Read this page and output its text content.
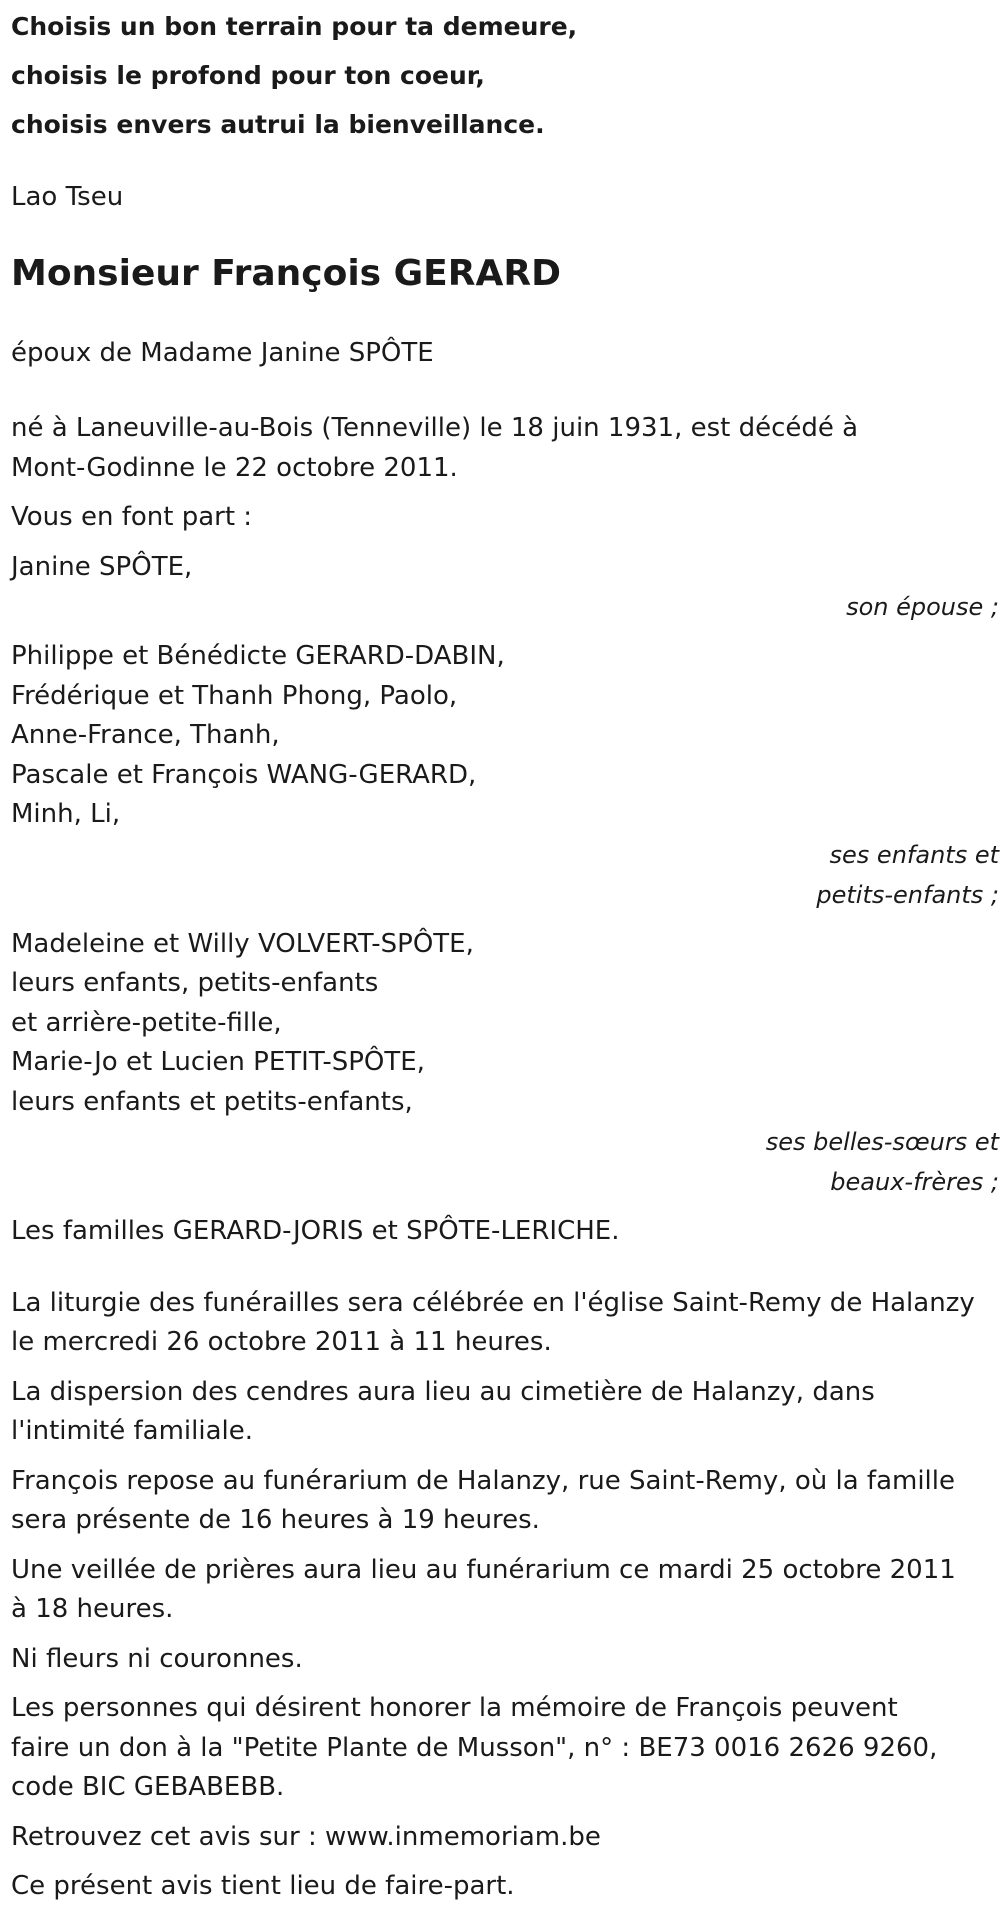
Choisis un bon terrain pour ta demeure,
choisis le profond pour ton coeur,
choisis envers autrui la bienveillance.
Lao Tseu
Monsieur François GERARD
époux de Madame Janine SPÔTE
né à Laneuville-au-Bois (Tenneville) le 18 juin 1931, est décédé à
Mont-Godinne le 22 octobre 2011.
Vous en font part :
Janine SPÔTE,
son épouse ;
Philippe et Bénédicte GERARD-DABIN,
Frédérique et Thanh Phong, Paolo,
Anne-France, Thanh,
Pascale et François WANG-GERARD,
Minh, Li,
ses enfants et
petits-enfants ;
Madeleine et Willy VOLVERT-SPÔTE,
leurs enfants, petits-enfants
et arrière-petite-fille,
Marie-Jo et Lucien PETIT-SPÔTE,
leurs enfants et petits-enfants,
ses belles-sœurs et
beaux-frères ;
Les familles GERARD-JORIS et SPÔTE-LERICHE.
La liturgie des funérailles sera célébrée en l'église Saint-Remy de Halanzy
le mercredi 26 octobre 2011 à 11 heures.
La dispersion des cendres aura lieu au cimetière de Halanzy, dans
l'intimité familiale.
François repose au funérarium de Halanzy, rue Saint-Remy, où la famille
sera présente de 16 heures à 19 heures.
Une veillée de prières aura lieu au funérarium ce mardi 25 octobre 2011
à 18 heures.
Ni fleurs ni couronnes.
Les personnes qui désirent honorer la mémoire de François peuvent
faire un don à la "Petite Plante de Musson", n° : BE73 0016 2626 9260,
code BIC GEBABEBB.
Retrouvez cet avis sur : www.inmemoriam.be
Ce présent avis tient lieu de faire-part.
